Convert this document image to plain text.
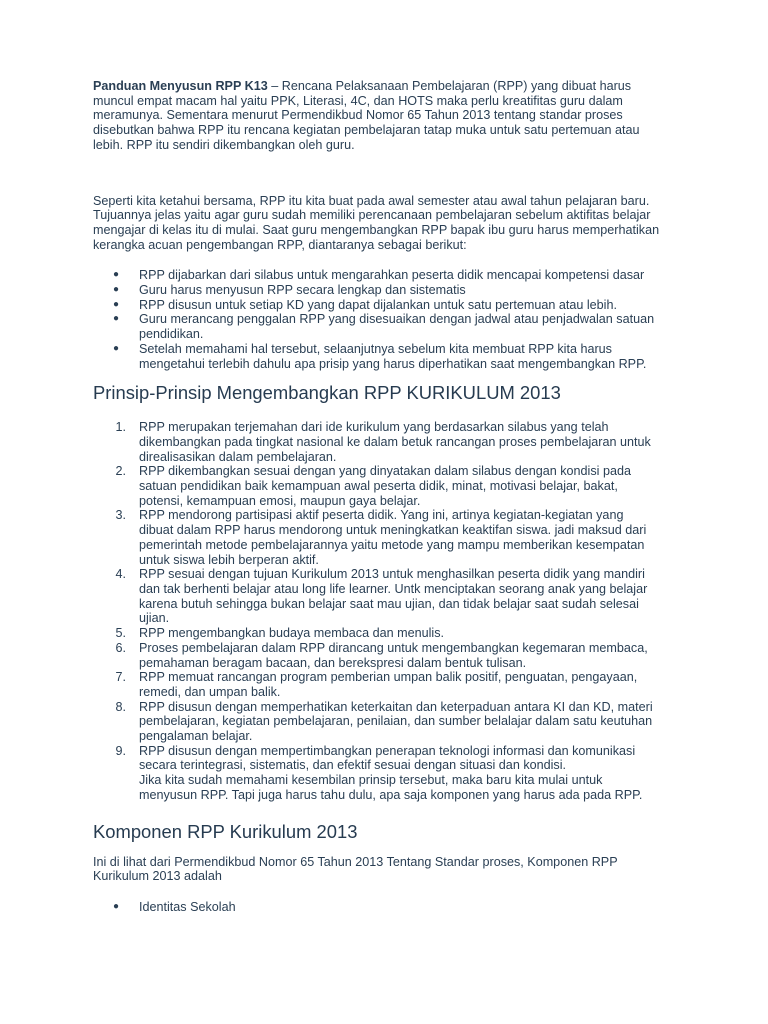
Panduan Menyusun RPP K13 – Rencana Pelaksanaan Pembelajaran (RPP) yang dibuat harus
muncul empat macam hal yaitu PPK, Literasi, 4C, dan HOTS maka perlu kreatifitas guru dalam
meramunya. Sementara menurut Permendikbud Nomor 65 Tahun 2013 tentang standar proses
disebutkan bahwa RPP itu rencana kegiatan pembelajaran tatap muka untuk satu pertemuan atau
lebih. RPP itu sendiri dikembangkan oleh guru.

Seperti kita ketahui bersama, RPP itu kita buat pada awal semester atau awal tahun pelajaran baru.
Tujuannya jelas yaitu agar guru sudah memiliki perencanaan pembelajaran sebelum aktifitas belajar
mengajar di kelas itu di mulai. Saat guru mengembangkan RPP bapak ibu guru harus memperhatikan
kerangka acuan pengembangan RPP, diantaranya sebagai berikut:

● RPP dijabarkan dari silabus untuk mengarahkan peserta didik mencapai kompetensi dasar
● Guru harus menyusun RPP secara lengkap dan sistematis
● RPP disusun untuk setiap KD yang dapat dijalankan untuk satu pertemuan atau lebih.
● Guru merancang penggalan RPP yang disesuaikan dengan jadwal atau penjadwalan satuan
pendidikan.
● Setelah memahami hal tersebut, selaanjutnya sebelum kita membuat RPP kita harus
mengetahui terlebih dahulu apa prisip yang harus diperhatikan saat mengembangkan RPP.
Prinsip-Prinsip Mengembangkan RPP KURIKULUM 2013
1. RPP merupakan terjemahan dari ide kurikulum yang berdasarkan silabus yang telah
dikembangkan pada tingkat nasional ke dalam betuk rancangan proses pembelajaran untuk
direalisasikan dalam pembelajaran.
2. RPP dikembangkan sesuai dengan yang dinyatakan dalam silabus dengan kondisi pada
satuan pendidikan baik kemampuan awal peserta didik, minat, motivasi belajar, bakat,
potensi, kemampuan emosi, maupun gaya belajar.
3. RPP mendorong partisipasi aktif peserta didik. Yang ini, artinya kegiatan-kegiatan yang
dibuat dalam RPP harus mendorong untuk meningkatkan keaktifan siswa. jadi maksud dari
pemerintah metode pembelajarannya yaitu metode yang mampu memberikan kesempatan
untuk siswa lebih berperan aktif.
4. RPP sesuai dengan tujuan Kurikulum 2013 untuk menghasilkan peserta didik yang mandiri
dan tak berhenti belajar atau long life learner. Untk menciptakan seorang anak yang belajar
karena butuh sehingga bukan belajar saat mau ujian, dan tidak belajar saat sudah selesai
ujian.
5. RPP mengembangkan budaya membaca dan menulis.
6. Proses pembelajaran dalam RPP dirancang untuk mengembangkan kegemaran membaca,
pemahaman beragam bacaan, dan berekspresi dalam bentuk tulisan.
7. RPP memuat rancangan program pemberian umpan balik positif, penguatan, pengayaan,
remedi, dan umpan balik.
8. RPP disusun dengan memperhatikan keterkaitan dan keterpaduan antara KI dan KD, materi
pembelajaran, kegiatan pembelajaran, penilaian, dan sumber belalajar dalam satu keutuhan
pengalaman belajar.
9. RPP disusun dengan mempertimbangkan penerapan teknologi informasi dan komunikasi
secara terintegrasi, sistematis, dan efektif sesuai dengan situasi dan kondisi.

Jika kita sudah memahami kesembilan prinsip tersebut, maka baru kita mulai untuk
menyusun RPP. Tapi juga harus tahu dulu, apa saja komponen yang harus ada pada RPP.

Komponen RPP Kurikulum 2013

Ini di lihat dari Permendikbud Nomor 65 Tahun 2013 Tentang Standar proses, Komponen RPP
Kurikulum 2013 adalah

● Identitas Sekolah
